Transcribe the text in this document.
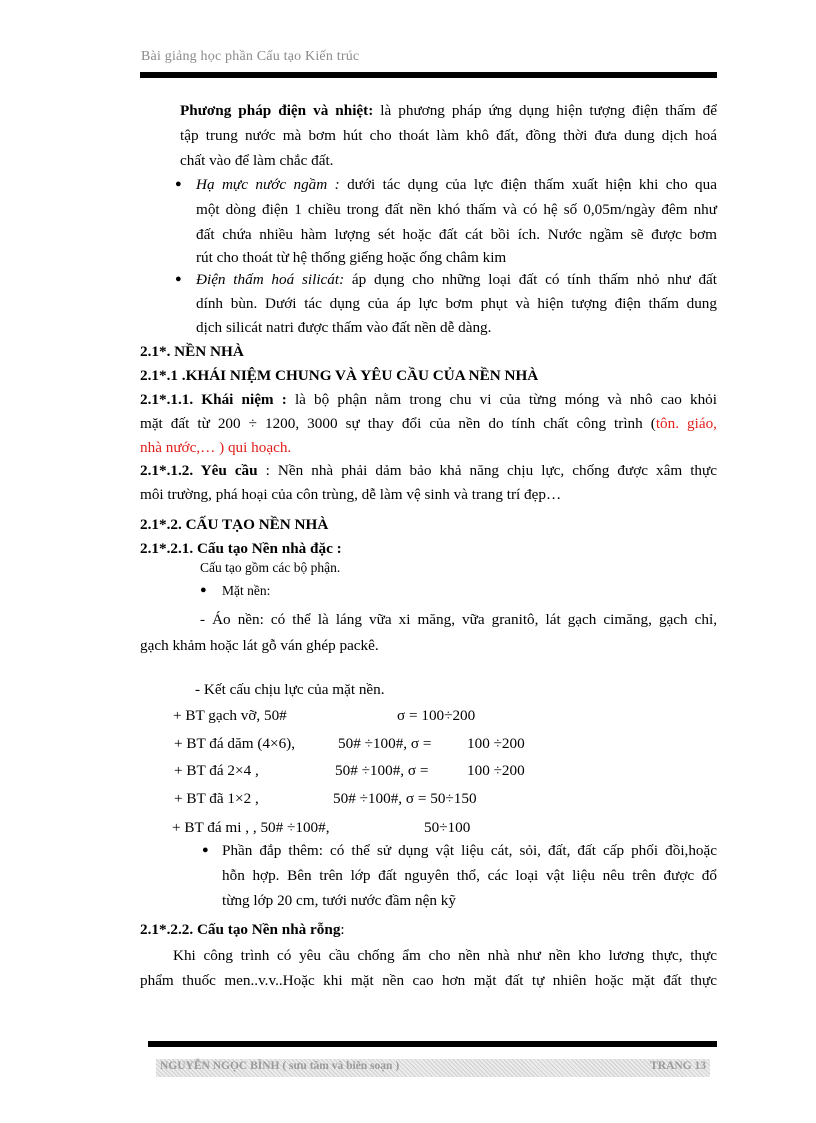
Bài giảng học phần Cấu tạo Kiến trúc
Phương pháp điện và nhiệt: là phương pháp ứng dụng hiện tượng điện thấm để
tập trung nước mà bơm hút cho thoát làm khô đất, đồng thời đưa dung dịch hoá
chất vào để làm chắc đất.
● Hạ mực nước ngầm : dưới tác dụng của lực điện thấm xuất hiện khi cho qua
một dòng điện 1 chiều trong đất nền khó thấm và có hệ số 0,05m/ngày đêm như
đất chứa nhiều hàm lượng sét hoặc đất cát bồi ích. Nước ngầm sẽ được bơm
rút cho thoát từ hệ thống giếng hoặc ống châm kim
● Điện thấm hoá silicát: áp dụng cho những loại đất có tính thấm nhỏ như đất
dính bùn. Dưới tác dụng của áp lực bơm phụt và hiện tượng điện thấm dung
dịch silicát natri được thấm vào đất nền dễ dàng.
2.1*. NỀN NHÀ
2.1*.1 .KHÁI NIỆM CHUNG VÀ YÊU CẦU CỦA NỀN NHÀ
2.1*.1.1. Khái niệm : là bộ phận nằm trong chu vi của từng móng và nhô cao khỏi
mặt đất từ 200 ÷ 1200, 3000 sự thay đổi của nền do tính chất công trình (tôn. giáo,
nhà nước,… ) qui hoạch.
2.1*.1.2. Yêu cầu : Nền nhà phải dảm bảo khả năng chịu lực, chống được xâm thực
môi trường, phá hoại của côn trùng, dễ làm vệ sinh và trang trí đẹp…
2.1*.2. CẤU TẠO NỀN NHÀ
2.1*.2.1. Cấu tạo Nền nhà đặc :
Cấu tạo gồm các bộ phận.
● Mặt nền:
- Áo nền: có thể là láng vữa xi măng, vữa granitô, lát gạch cimăng, gạch chỉ,
gạch khảm hoặc lát gỗ ván ghép packê.
- Kết cấu chịu lực của mặt nền.
+ BT gạch vỡ, 50#	σ = 100÷200
+ BT đá dăm (4×6),	50# ÷100#, σ = 100 ÷200
+ BT đá 2×4 ,	50# ÷100#, σ =	100 ÷200
+ BT đã 1×2 ,	50# ÷100#, σ = 50÷150
+ BT đá mi , , 50# ÷100#,	50÷100
● Phần đắp thêm: có thể sử dụng vật liệu cát, sỏi, đất, đất cấp phối đồi,hoặc
hỗn hợp. Bên trên lớp đất nguyên thổ, các loại vật liệu nêu trên được đổ
từng lớp 20 cm, tưới nước đầm nện kỹ
2.1*.2.2. Cấu tạo Nền nhà rỗng:
Khi công trình có yêu cầu chống ẩm cho nền nhà như nền kho lương thực, thực
phẩm thuốc men..v.v..Hoặc khi mặt nền cao hơn mặt đất tự nhiên hoặc mặt đất thực
NGUYỄN NGỌC BÌNH ( sưu tầm và biên soạn )	TRANG 13
